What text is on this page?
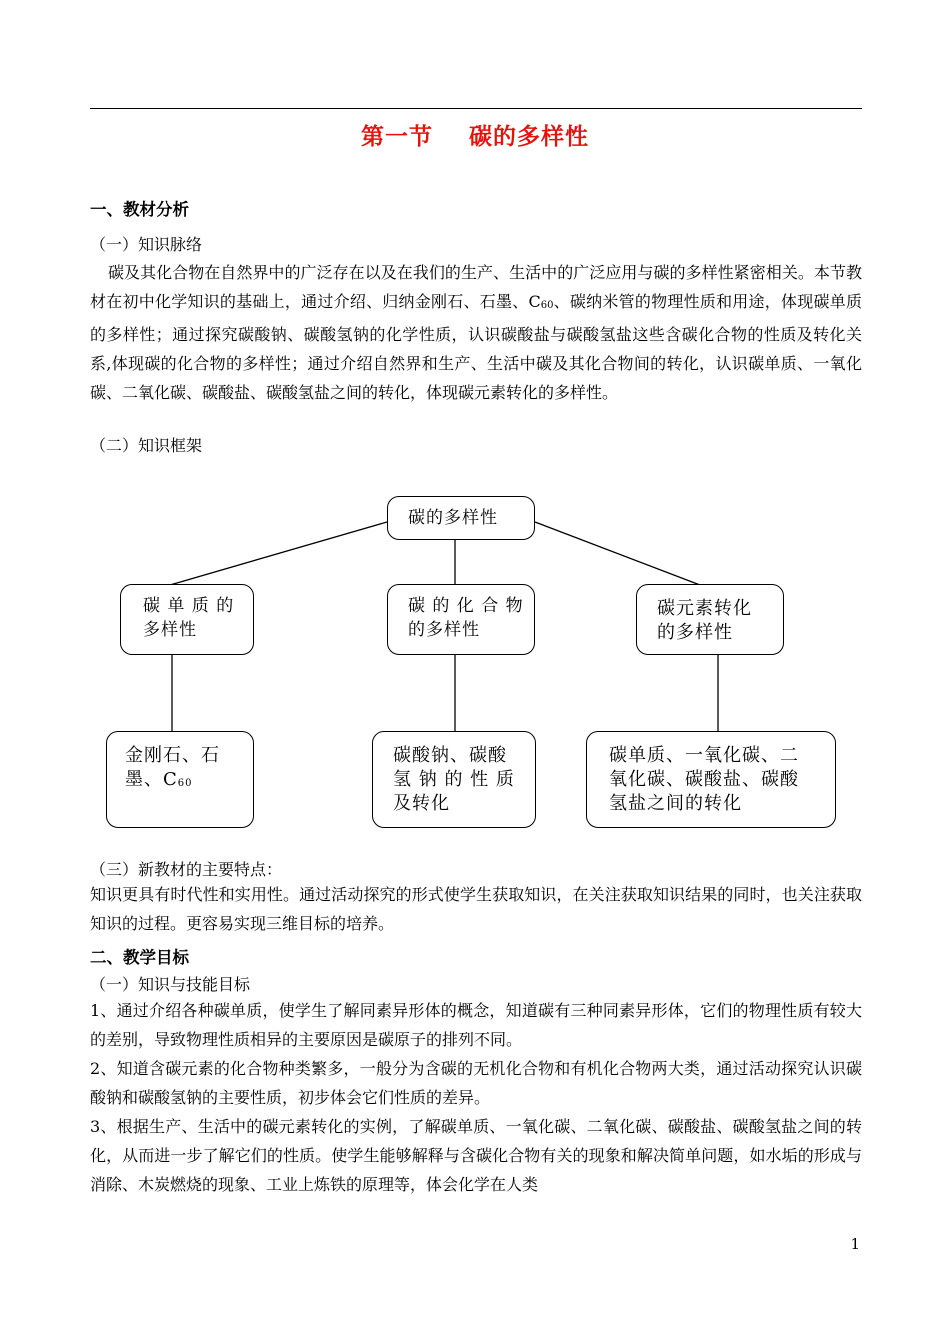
第一节    碳的多样性
一、教材分析
（一）知识脉络
碳及其化合物在自然界中的广泛存在以及在我们的生产、生活中的广泛应用与碳的多样性紧密相关。本节教材在初中化学知识的基础上，通过介绍、归纳金刚石、石墨、$C_{60}$、碳纳米管的物理性质和用途，体现碳单质的多样性；通过探究碳酸钠、碳酸氢钠的化学性质，认识碳酸盐与碳酸氢盐这些含碳化合物的性质及转化关系,体现碳的化合物的多样性；通过介绍自然界和生产、生活中碳及其化合物间的转化，认识碳单质、一氧化碳、二氧化碳、碳酸盐、碳酸氢盐之间的转化，体现碳元素转化的多样性。
（二）知识框架
碳的多样性
碳 单 质 的
多样性
碳 的 化 合 物
的多样性
碳元素转化
的多样性
金刚石、石
墨、$C_{60}$
碳酸钠、碳酸
氢 钠 的 性 质
及转化
碳单质、一氧化碳、二
氧化碳、碳酸盐、碳酸
氢盐之间的转化
（三）新教材的主要特点：
知识更具有时代性和实用性。通过活动探究的形式使学生获取知识，在关注获取知识结果的同时，也关注获取知识的过程。更容易实现三维目标的培养。
二、教学目标
（一）知识与技能目标
1、通过介绍各种碳单质，使学生了解同素异形体的概念，知道碳有三种同素异形体，它们的物理性质有较大的差别，导致物理性质相异的主要原因是碳原子的排列不同。
2、知道含碳元素的化合物种类繁多，一般分为含碳的无机化合物和有机化合物两大类，通过活动探究认识碳酸钠和碳酸氢钠的主要性质，初步体会它们性质的差异。
3、根据生产、生活中的碳元素转化的实例，了解碳单质、一氧化碳、二氧化碳、碳酸盐、碳酸氢盐之间的转化，从而进一步了解它们的性质。使学生能够解释与含碳化合物有关的现象和解决简单问题，如水垢的形成与消除、木炭燃烧的现象、工业上炼铁的原理等，体会化学在人类
1
